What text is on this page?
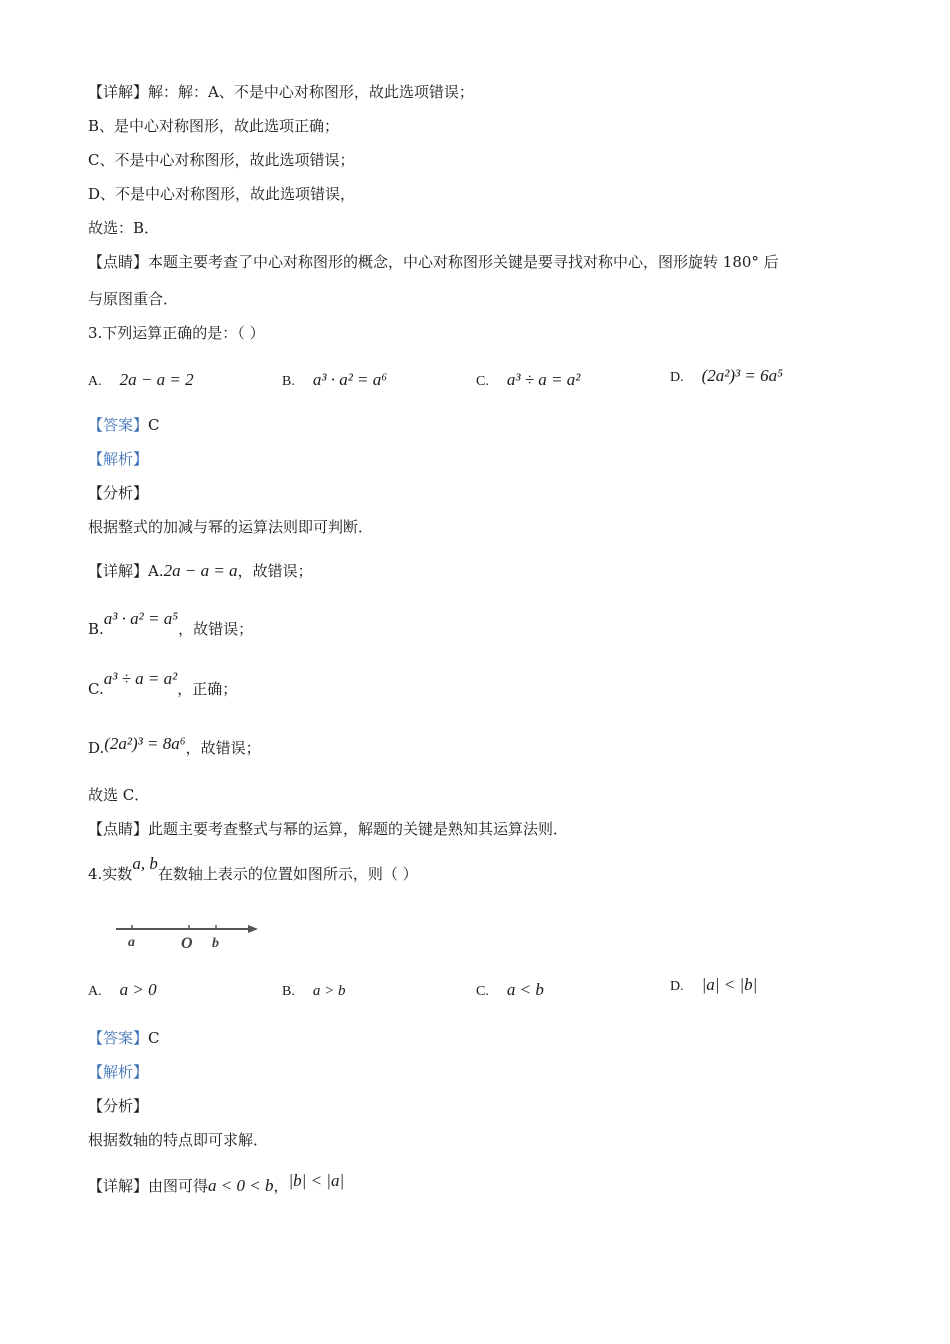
【详解】解：解：A、不是中心对称图形，故此选项错误；
B、是中心对称图形，故此选项正确；
C、不是中心对称图形，故此选项错误；
D、不是中心对称图形，故此选项错误，
故选：B．
【点睛】本题主要考查了中心对称图形的概念，中心对称图形关键是要寻找对称中心，图形旋转 180° 后
与原图重合．
3.下列运算正确的是：（ ）
A. 2a − a = 2	B. a³ · a² = a⁶	C. a³ ÷ a = a²	D. (2a²)³ = 6a⁵
【答案】C
【解析】
【分析】
根据整式的加减与幂的运算法则即可判断．
【详解】A.2a − a = a，故错误；
B.a³ · a² = a⁵，故错误；
C.a³ ÷ a = a²，正确；
D.(2a²)³ = 8a⁶，故错误；
故选 C．
【点睛】此题主要考查整式与幂的运算，解题的关键是熟知其运算法则．
4.实数a, b在数轴上表示的位置如图所示，则（ ）
a	O b
A. a > 0	B. a > b	C. a < b	D. |a| < |b|
【答案】C
【解析】
【分析】
根据数轴的特点即可求解．
【详解】由图可得a < 0 < b，|b| < |a|
